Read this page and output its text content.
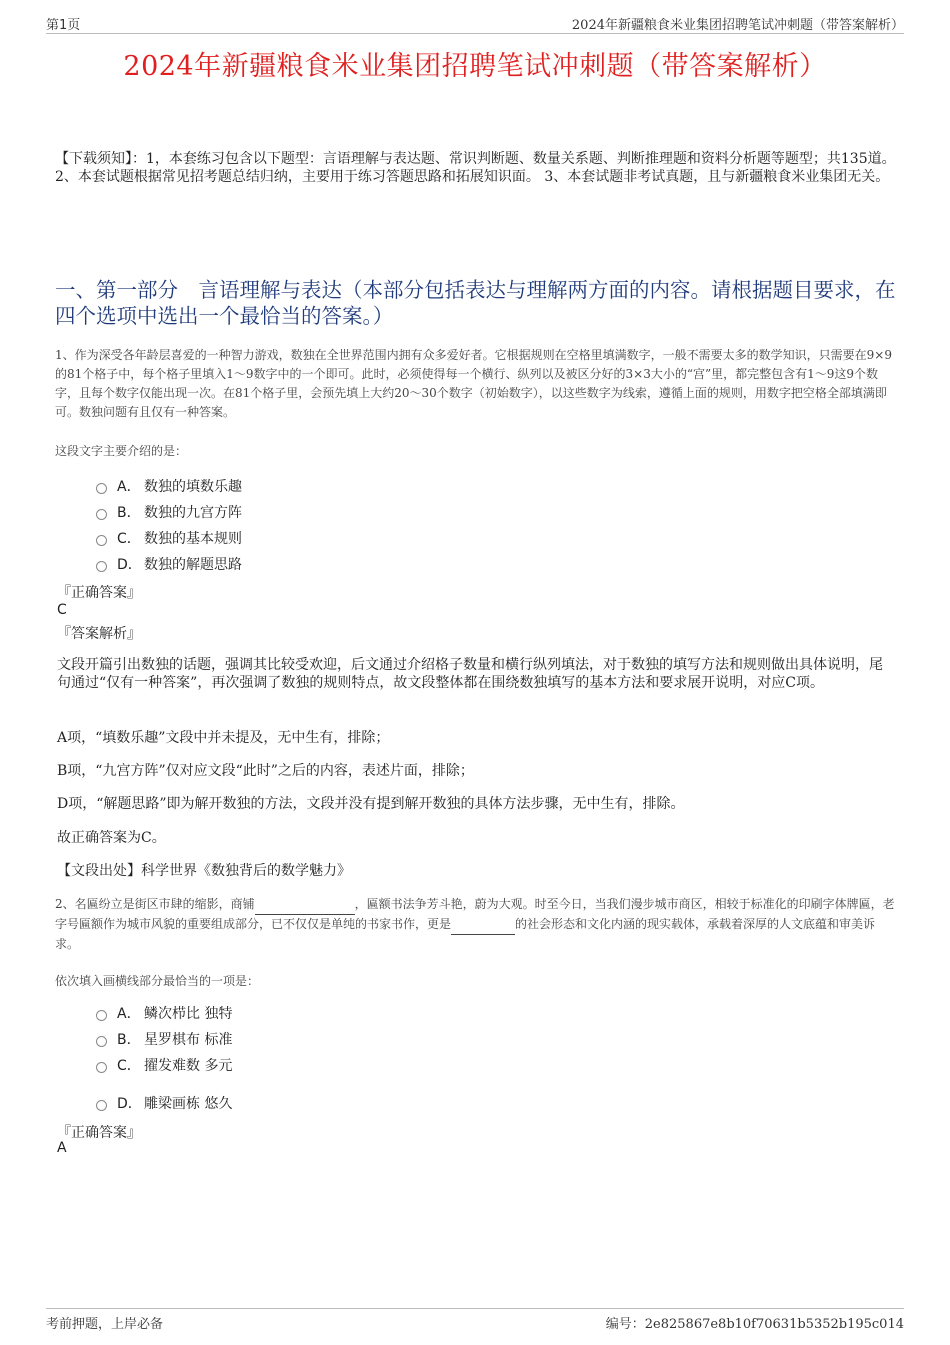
第1页	2024年新疆粮食米业集团招聘笔试冲刺题（带答案解析）
2024年新疆粮食米业集团招聘笔试冲刺题（带答案解析）
【下载须知】：1，本套练习包含以下题型：言语理解与表达题、常识判断题、数量关系题、判断推理题和资料分析题等题型；共135道。 2、本套试题根据常见招考题总结归纳，主要用于练习答题思路和拓展知识面。 3、本套试题非考试真题，且与新疆粮食米业集团无关。
一、第一部分　言语理解与表达（本部分包括表达与理解两方面的内容。请根据题目要求，在四个选项中选出一个最恰当的答案。）
1、作为深受各年龄层喜爱的一种智力游戏，数独在全世界范围内拥有众多爱好者。它根据规则在空格里填满数字，一般不需要太多的数学知识，只需要在9×9的81个格子中，每个格子里填入1～9数字中的一个即可。此时，必须使得每一个横行、纵列以及被区分好的3×3大小的“宫”里，都完整包含有1～9这9个数字，且每个数字仅能出现一次。在81个格子里，会预先填上大约20～30个数字（初始数字），以这些数字为线索，遵循上面的规则，用数字把空格全部填满即可。数独问题有且仅有一种答案。
这段文字主要介绍的是：
A． 数独的填数乐趣
B． 数独的九宫方阵
C． 数独的基本规则
D． 数独的解题思路
『正确答案』
C
『答案解析』
文段开篇引出数独的话题，强调其比较受欢迎，后文通过介绍格子数量和横行纵列填法，对于数独的填写方法和规则做出具体说明，尾句通过“仅有一种答案”，再次强调了数独的规则特点，故文段整体都在围绕数独填写的基本方法和要求展开说明，对应C项。
A项，“填数乐趣”文段中并未提及，无中生有，排除；
B项，“九宫方阵”仅对应文段“此时”之后的内容，表述片面，排除；
D项，“解题思路”即为解开数独的方法，文段并没有提到解开数独的具体方法步骤，无中生有，排除。
故正确答案为C。
【文段出处】科学世界《数独背后的数学魅力》
2、名匾纷立是街区市肆的缩影，商铺	，匾额书法争芳斗艳，蔚为大观。时至今日，当我们漫步城市商区，相较于标准化的印刷字体牌匾，老字号匾额作为城市风貌的重要组成部分，已不仅仅是单纯的书家书作，更是	的社会形态和文化内涵的现实载体，承载着深厚的人文底蕴和审美诉求。
依次填入画横线部分最恰当的一项是：
A． 鳞次栉比 独特
B． 星罗棋布 标准
C． 擢发难数 多元
D． 雕梁画栋 悠久
『正确答案』
A
考前押题，上岸必备	编号：2e825867e8b10f70631b5352b195c014
